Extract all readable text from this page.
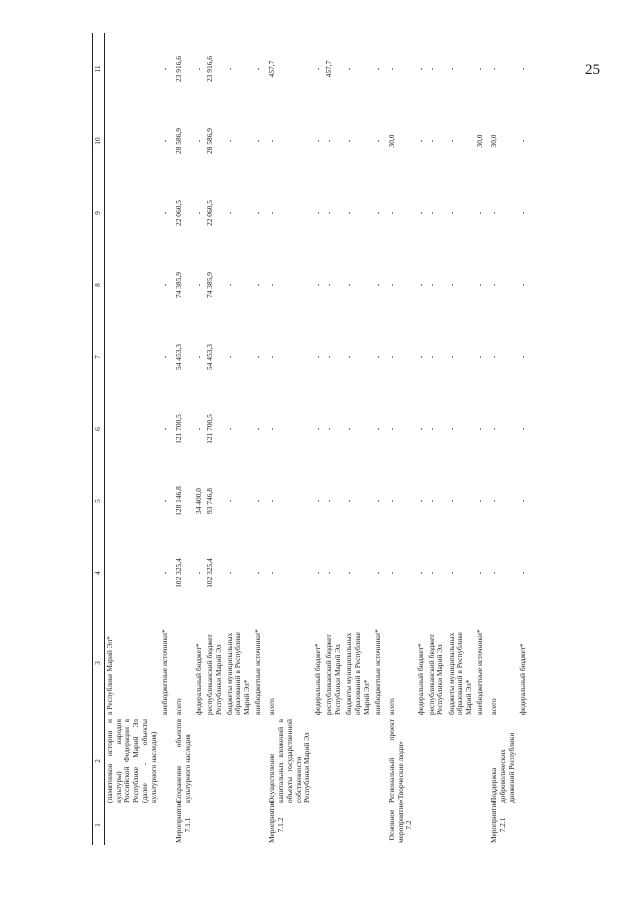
25
1	2	3	4	5	6	7	8	9	10	11
	(памятников истории и культуры) народов Российской Федерации в Республике Марий Эл (далее - объекты культурного наследия)	в Республике Марий Эл*								
		внебюджетные источники*	-	-	-	-	-	-	-	-

Мероприятие 7.1.1	Сохранение объектов культурного наследия	всего	102 325,4	128 146,8	121 700,5	54 453,3	74 385,9	22 060,5	28 586,9	23 916,6
		федеральный бюджет*	-	34 400,0	-	-	-	-	-	-
		республиканский бюджет Республики Марий Эл	102 325,4	93 746,8	121 700,5	54 453,3	74 385,9	22 060,5	28 586,9	23 916,6
		бюджеты муниципальных образований в Республике Марий Эл*	-	-	-	-	-	-	-	-
		внебюджетные источники*	-	-	-	-	-	-	-	-

Мероприятие 7.1.2	Осуществление капитальных вложений в объекты государственной собственности Республики Марий Эл	всего	-	-	-	-	-	-	-	457,7
		федеральный бюджет*	-	-	-	-	-	-	-	-
		республиканский бюджет Республики Марий Эл	-	-	-	-	-	-	-	457,7
		бюджеты муниципальных образований в Республике Марий Эл*	-	-	-	-	-	-	-	-
		внебюджетные источники*	-	-	-	-	-	-	-	-

Основное мероприятие 7.2	Региональный проект «Творческие люди»	всего	-	-	-	-	-	-	30,0	-
		федеральный бюджет*	-	-	-	-	-	-	-	-
		республиканский бюджет Республики Марий Эл	-	-	-	-	-	-	-	-
		бюджеты муниципальных образований в Республике Марий Эл*	-	-	-	-	-	-	-	-
		внебюджетные источники*	-	-	-	-	-	-	30,0	-

Мероприятие 7.2.1	Поддержка добровольческих движений Республики	всего	-	-	-	-	-	-	30,0	-
		федеральный бюджет*	-	-	-	-	-	-	-	-
